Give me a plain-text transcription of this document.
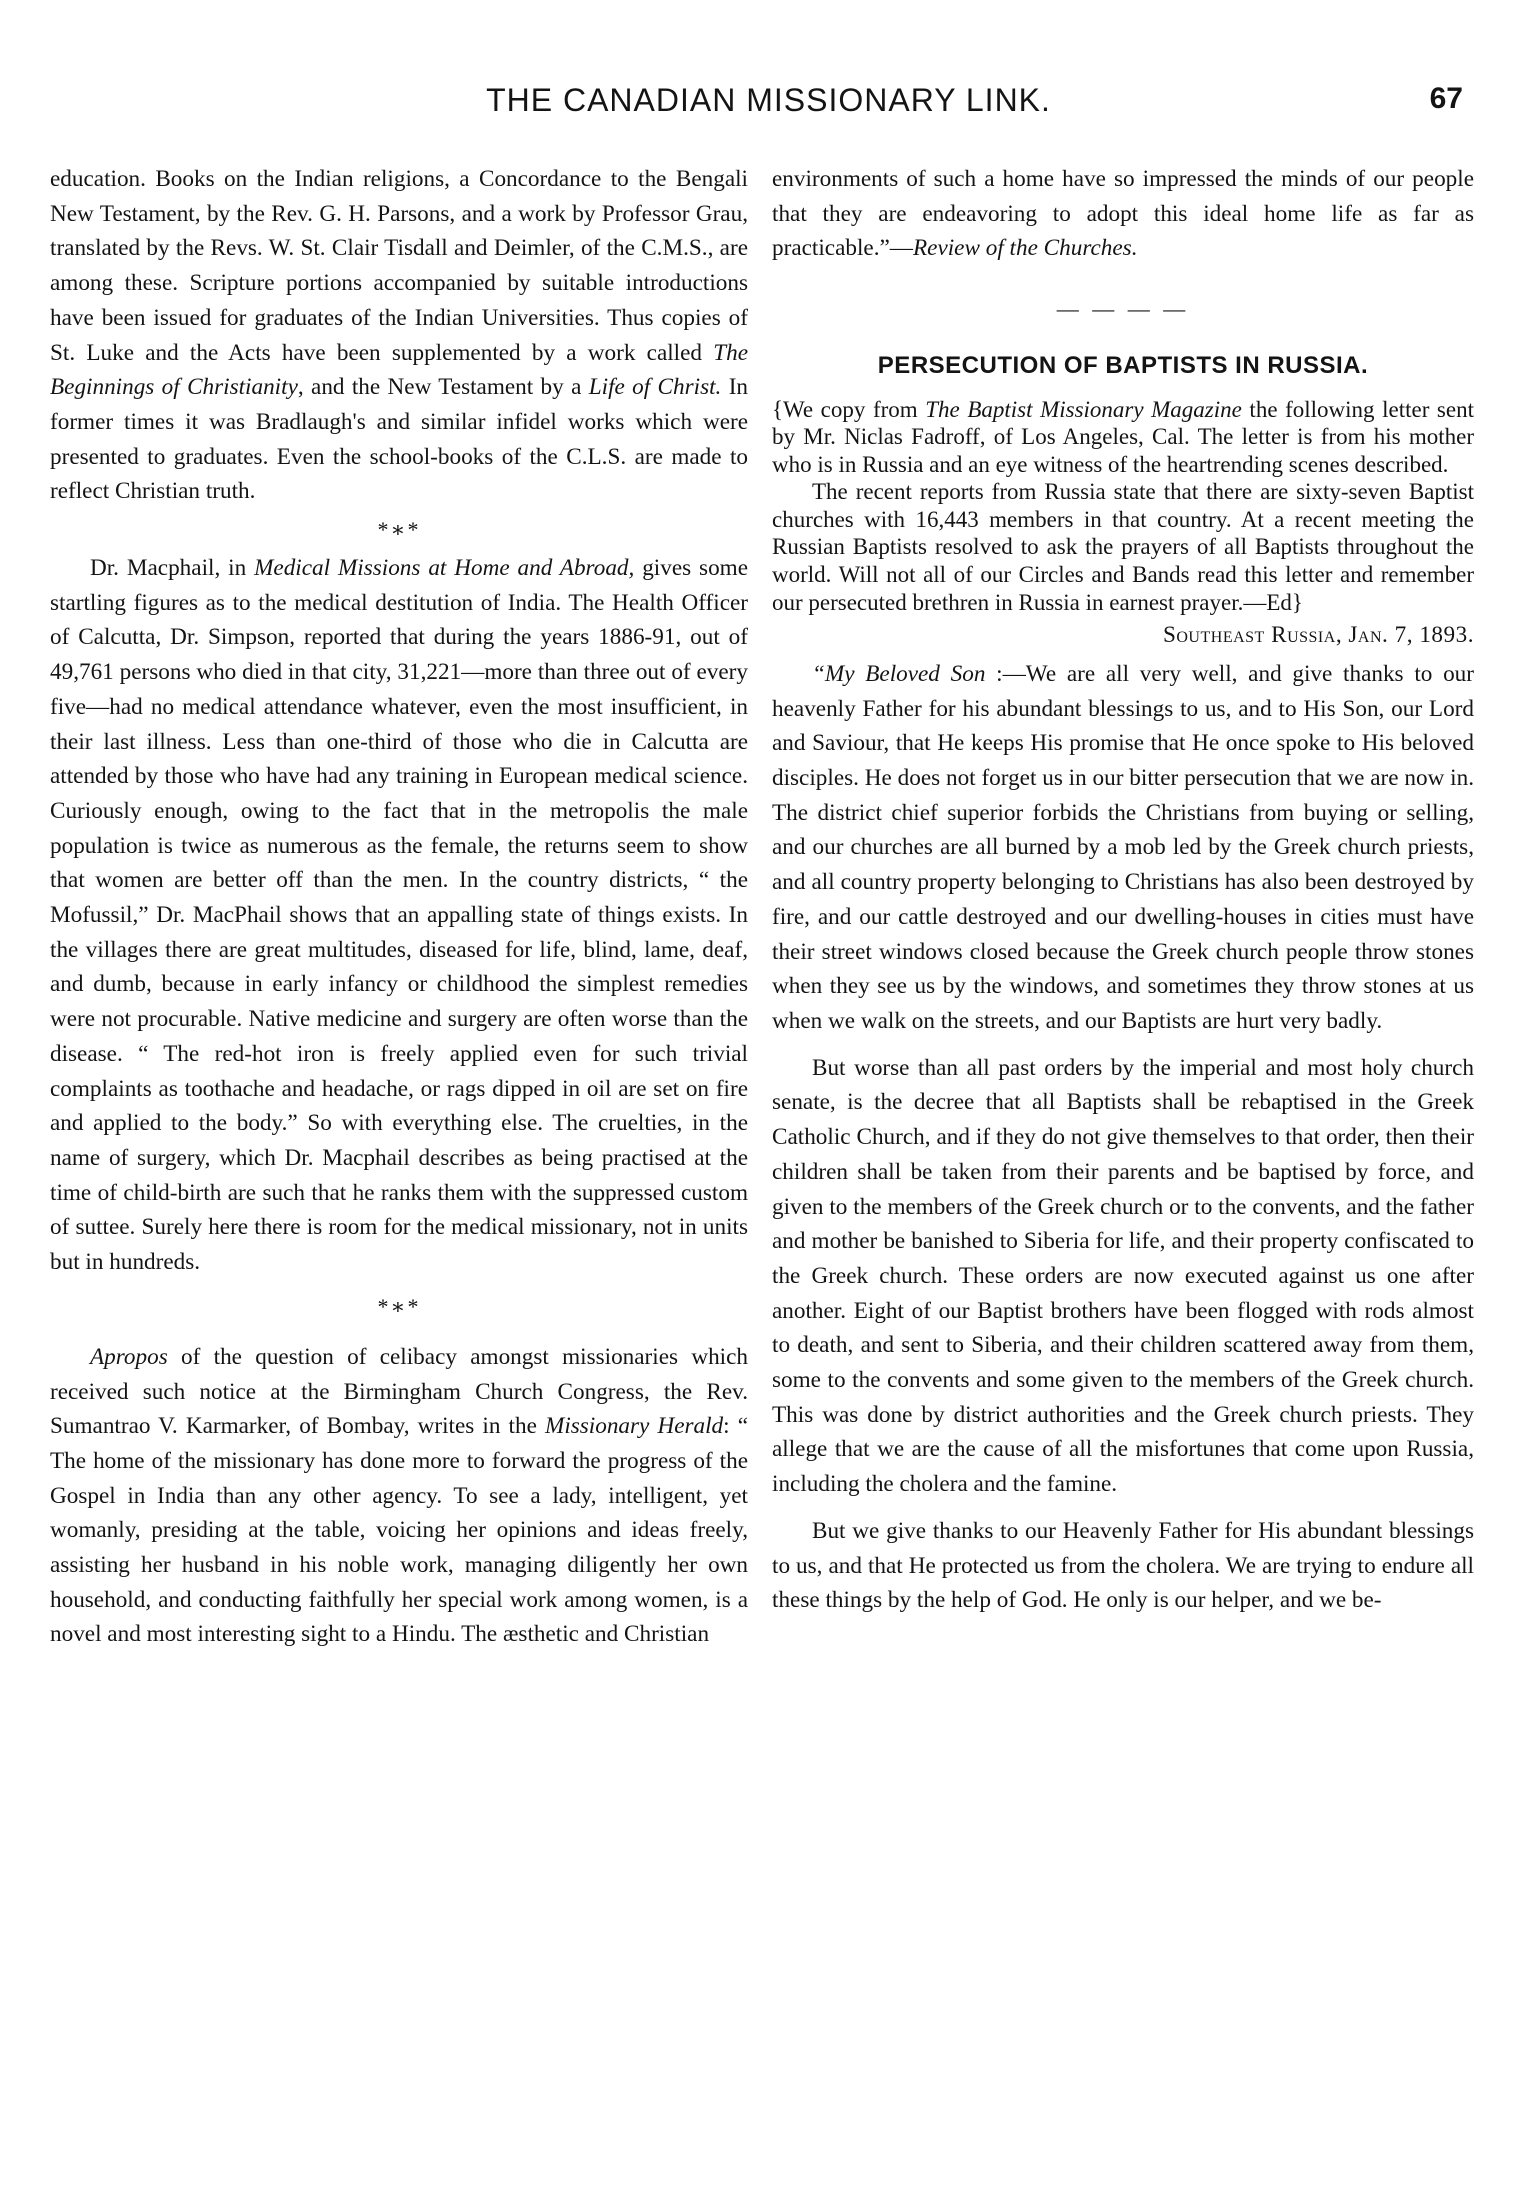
THE CANADIAN MISSIONARY LINK.	67

education. Books on the Indian religions, a Concordance to the Bengali New Testament, by the Rev. G. H. Parsons, and a work by Professor Grau, translated by the Revs. W. St. Clair Tisdall and Deimler, of the C.M.S., are among these. Scripture portions accompanied by suitable introductions have been issued for graduates of the Indian Universities. Thus copies of St. Luke and the Acts have been supplemented by a work called The Beginnings of Christianity, and the New Testament by a Life of Christ. In former times it was Bradlaugh's and similar infidel works which were presented to graduates. Even the school-books of the C.L.S. are made to reflect Christian truth.

*∗*

Dr. Macphail, in Medical Missions at Home and Abroad, gives some startling figures as to the medical destitution of India. The Health Officer of Calcutta, Dr. Simpson, reported that during the years 1886-91, out of 49,761 persons who died in that city, 31,221—more than three out of every five—had no medical attendance whatever, even the most insufficient, in their last illness. Less than one-third of those who die in Calcutta are attended by those who have had any training in European medical science. Curiously enough, owing to the fact that in the metropolis the male population is twice as numerous as the female, the returns seem to show that women are better off than the men. In the country districts, “ the Mofussil,” Dr. MacPhail shows that an appalling state of things exists. In the villages there are great multitudes, diseased for life, blind, lame, deaf, and dumb, because in early infancy or childhood the simplest remedies were not procurable. Native medicine and surgery are often worse than the disease. “ The red-hot iron is freely applied even for such trivial complaints as toothache and headache, or rags dipped in oil are set on fire and applied to the body.” So with everything else. The cruelties, in the name of surgery, which Dr. Macphail describes as being practised at the time of child-birth are such that he ranks them with the suppressed custom of suttee. Surely here there is room for the medical missionary, not in units but in hundreds.

*∗*

Apropos of the question of celibacy amongst missionaries which received such notice at the Birmingham Church Congress, the Rev. Sumantrao V. Karmarker, of Bombay, writes in the Missionary Herald: “ The home of the missionary has done more to forward the progress of the Gospel in India than any other agency. To see a lady, intelligent, yet womanly, presiding at the table, voicing her opinions and ideas freely, assisting her husband in his noble work, managing diligently her own household, and conducting faithfully her special work among women, is a novel and most interesting sight to a Hindu. The æsthetic and Christian

environments of such a home have so impressed the minds of our people that they are endeavoring to adopt this ideal home life as far as practicable.”—Review of the Churches.

— — — —
PERSECUTION OF BAPTISTS IN RUSSIA.

{We copy from The Baptist Missionary Magazine the following letter sent by Mr. Niclas Fadroff, of Los Angeles, Cal. The letter is from his mother who is in Russia and an eye witness of the heartrending scenes described.

The recent reports from Russia state that there are sixty-seven Baptist churches with 16,443 members in that country. At a recent meeting the Russian Baptists resolved to ask the prayers of all Baptists throughout the world. Will not all of our Circles and Bands read this letter and remember our persecuted brethren in Russia in earnest prayer.—Ed}

Southeast Russia, Jan. 7, 1893.

“My Beloved Son :—We are all very well, and give thanks to our heavenly Father for his abundant blessings to us, and to His Son, our Lord and Saviour, that He keeps His promise that He once spoke to His beloved disciples. He does not forget us in our bitter persecution that we are now in. The district chief superior forbids the Christians from buying or selling, and our churches are all burned by a mob led by the Greek church priests, and all country property belonging to Christians has also been destroyed by fire, and our cattle destroyed and our dwelling-houses in cities must have their street windows closed because the Greek church people throw stones when they see us by the windows, and sometimes they throw stones at us when we walk on the streets, and our Baptists are hurt very badly.

But worse than all past orders by the imperial and most holy church senate, is the decree that all Baptists shall be rebaptised in the Greek Catholic Church, and if they do not give themselves to that order, then their children shall be taken from their parents and be baptised by force, and given to the members of the Greek church or to the convents, and the father and mother be banished to Siberia for life, and their property confiscated to the Greek church. These orders are now executed against us one after another. Eight of our Baptist brothers have been flogged with rods almost to death, and sent to Siberia, and their children scattered away from them, some to the convents and some given to the members of the Greek church. This was done by district authorities and the Greek church priests. They allege that we are the cause of all the misfortunes that come upon Russia, including the cholera and the famine.

But we give thanks to our Heavenly Father for His abundant blessings to us, and that He protected us from the cholera. We are trying to endure all these things by the help of God. He only is our helper, and we be-
